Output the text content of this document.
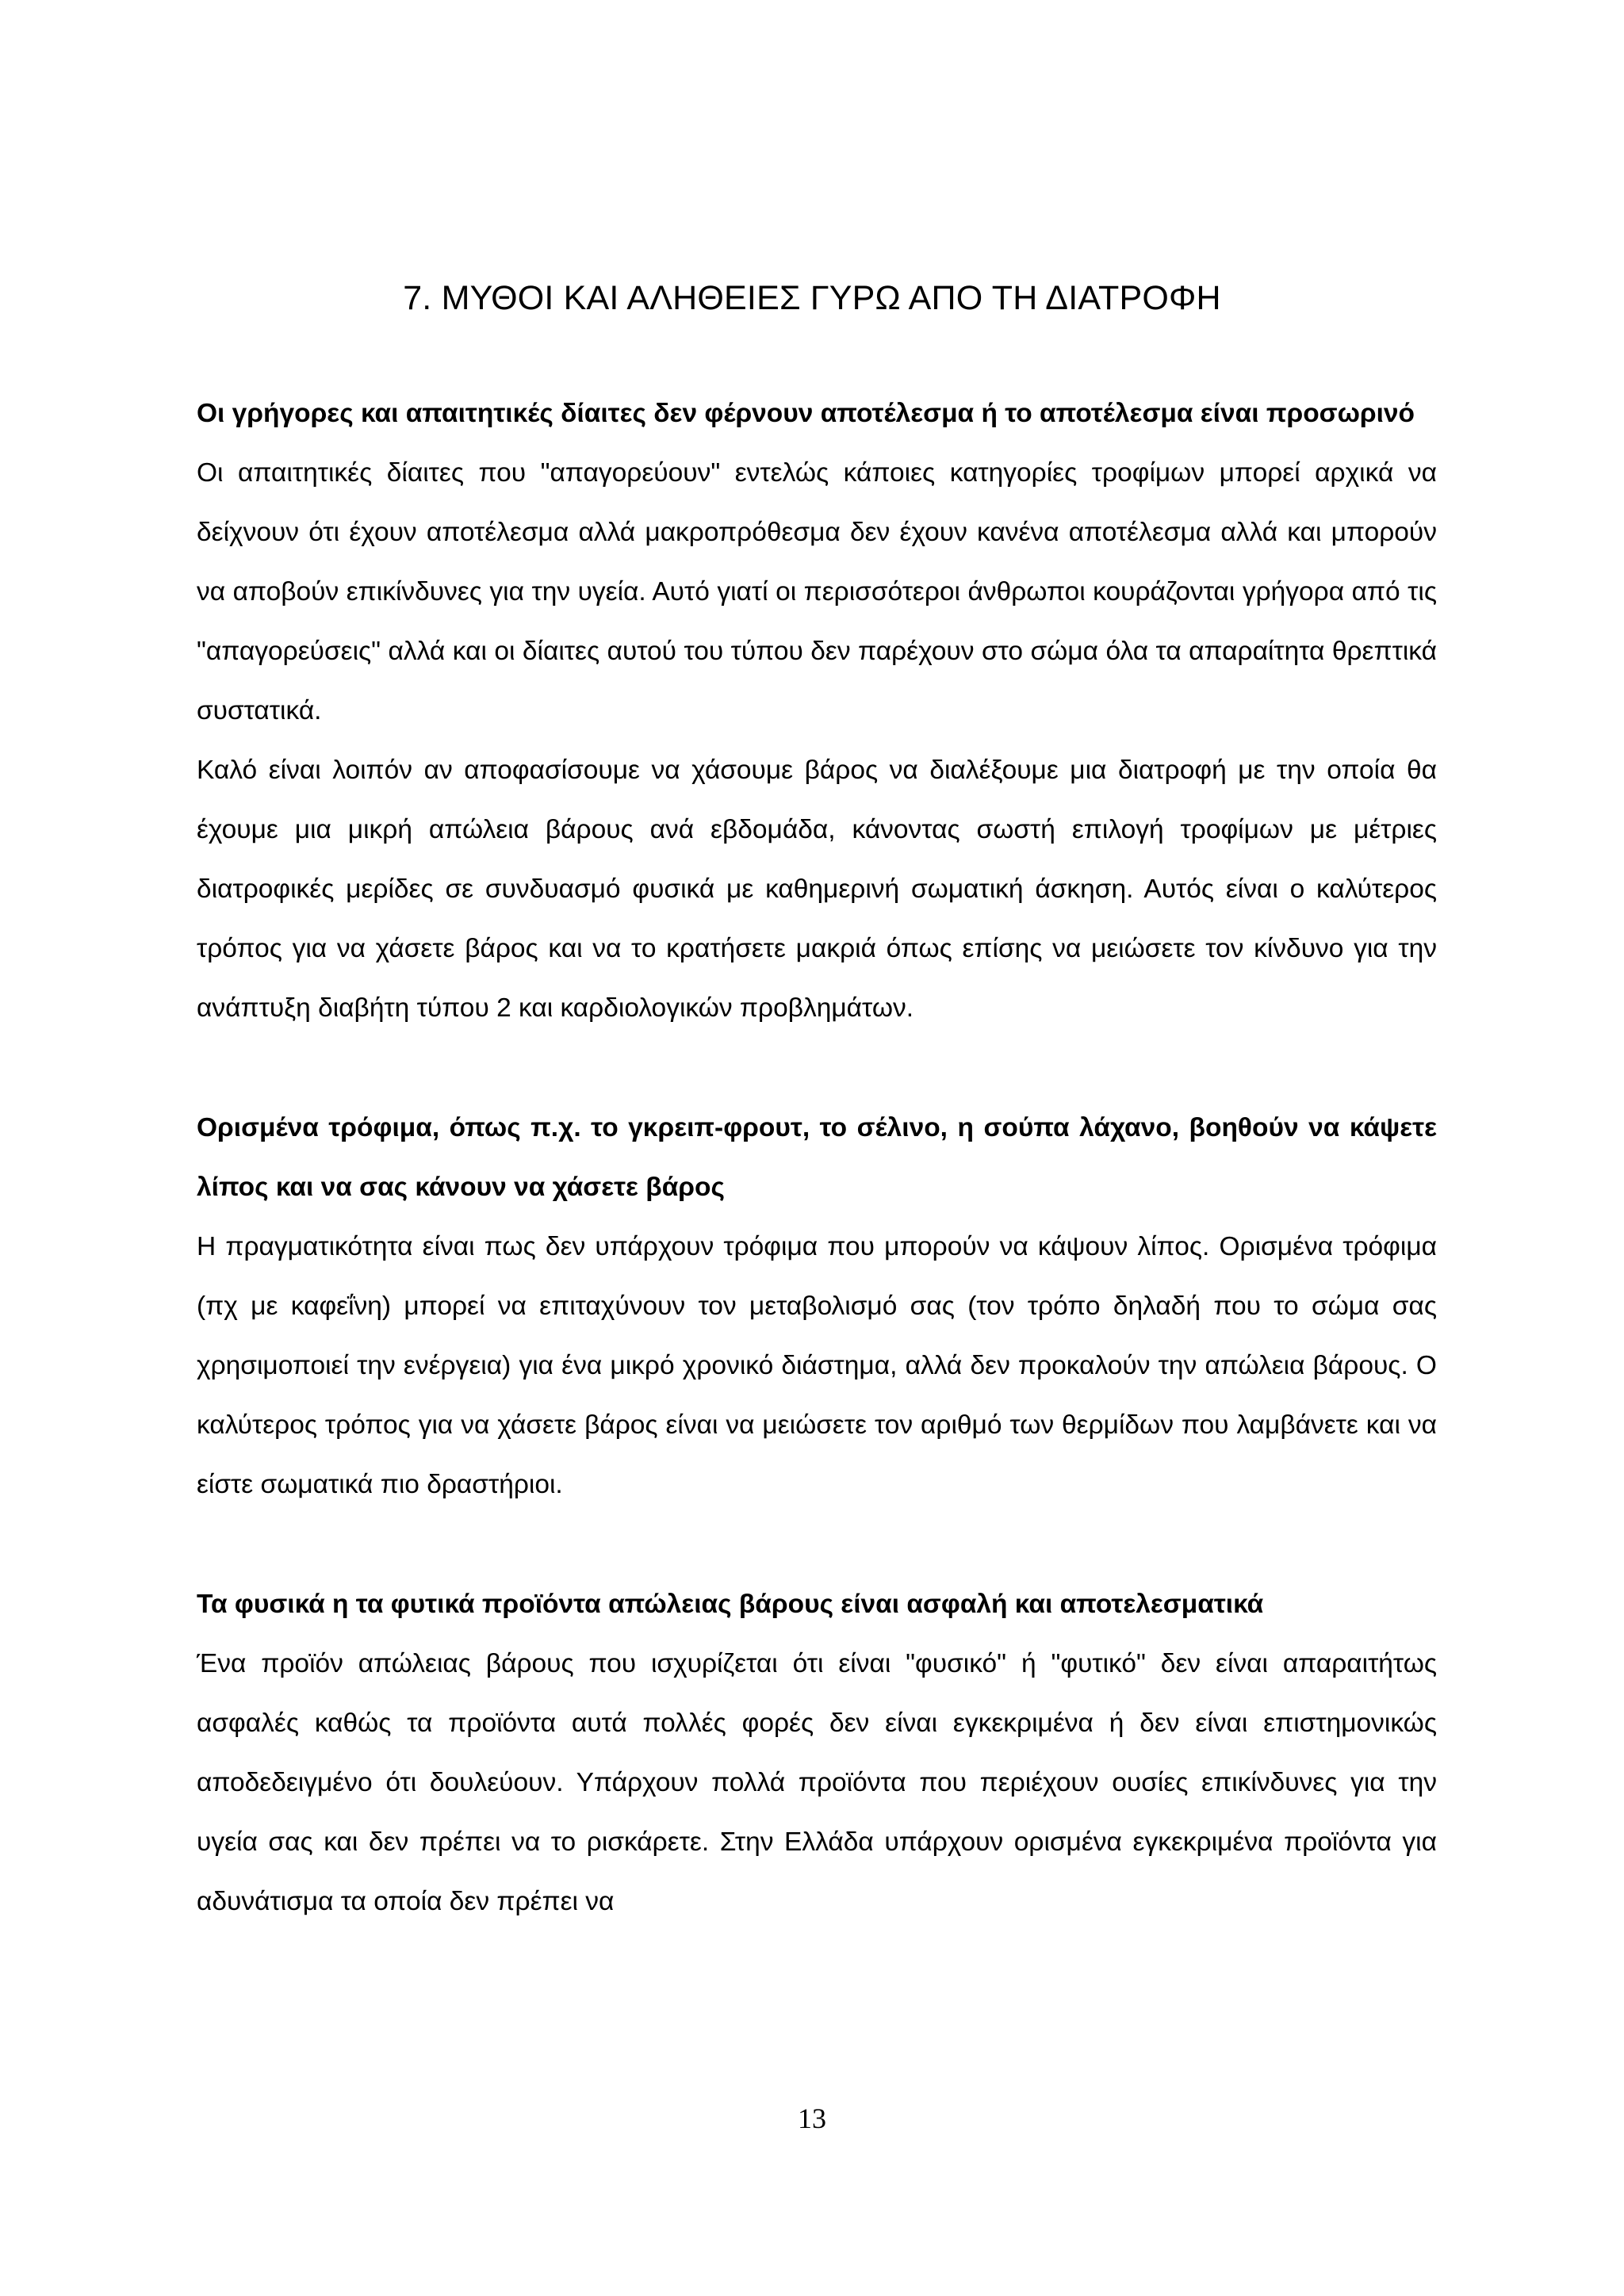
7. ΜΥΘΟΙ ΚΑΙ ΑΛΗΘΕΙΕΣ ΓΥΡΩ ΑΠΟ ΤΗ ΔΙΑΤΡΟΦΗ
Οι γρήγορες και απαιτητικές δίαιτες δεν φέρνουν αποτέλεσμα ή το αποτέλεσμα είναι προσωρινό

Οι απαιτητικές δίαιτες που "απαγορεύουν" εντελώς κάποιες κατηγορίες τροφίμων μπορεί αρχικά να δείχνουν ότι έχουν αποτέλεσμα αλλά μακροπρόθεσμα δεν έχουν κανένα αποτέλεσμα αλλά και μπορούν να αποβούν επικίνδυνες για την υγεία. Αυτό γιατί οι περισσότεροι άνθρωποι κουράζονται γρήγορα από τις "απαγορεύσεις" αλλά και οι δίαιτες αυτού του τύπου δεν παρέχουν στο σώμα όλα τα απαραίτητα θρεπτικά συστατικά.

Καλό είναι λοιπόν αν αποφασίσουμε να χάσουμε βάρος να διαλέξουμε μια διατροφή με την οποία θα έχουμε μια μικρή απώλεια βάρους ανά εβδομάδα, κάνοντας σωστή επιλογή τροφίμων με μέτριες διατροφικές μερίδες σε συνδυασμό φυσικά με καθημερινή σωματική άσκηση. Αυτός είναι ο καλύτερος τρόπος για να χάσετε βάρος και να το κρατήσετε μακριά όπως επίσης να μειώσετε τον κίνδυνο για την ανάπτυξη διαβήτη τύπου 2 και καρδιολογικών προβλημάτων.

Ορισμένα τρόφιμα, όπως π.χ. το γκρειπ-φρουτ, το σέλινο, η σούπα λάχανο, βοηθούν να κάψετε λίπος και να σας κάνουν να χάσετε βάρος

Η πραγματικότητα είναι πως δεν υπάρχουν τρόφιμα που μπορούν να κάψουν λίπος. Ορισμένα τρόφιμα (πχ με καφεΐνη) μπορεί να επιταχύνουν τον μεταβολισμό σας (τον τρόπο δηλαδή που το σώμα σας χρησιμοποιεί την ενέργεια) για ένα μικρό χρονικό διάστημα, αλλά δεν προκαλούν την απώλεια βάρους. Ο καλύτερος τρόπος για να χάσετε βάρος είναι να μειώσετε τον αριθμό των θερμίδων που λαμβάνετε και να είστε σωματικά πιο δραστήριοι.

Τα φυσικά η τα φυτικά προϊόντα απώλειας βάρους είναι ασφαλή και αποτελεσματικά

Ένα προϊόν απώλειας βάρους που ισχυρίζεται ότι είναι "φυσικό" ή "φυτικό" δεν είναι απαραιτήτως ασφαλές καθώς τα προϊόντα αυτά πολλές φορές δεν είναι εγκεκριμένα ή δεν είναι επιστημονικώς αποδεδειγμένο ότι δουλεύουν. Υπάρχουν πολλά προϊόντα που περιέχουν ουσίες επικίνδυνες για την υγεία σας και δεν πρέπει να το ρισκάρετε. Στην Ελλάδα υπάρχουν ορισμένα εγκεκριμένα προϊόντα για αδυνάτισμα τα οποία δεν πρέπει να

13
